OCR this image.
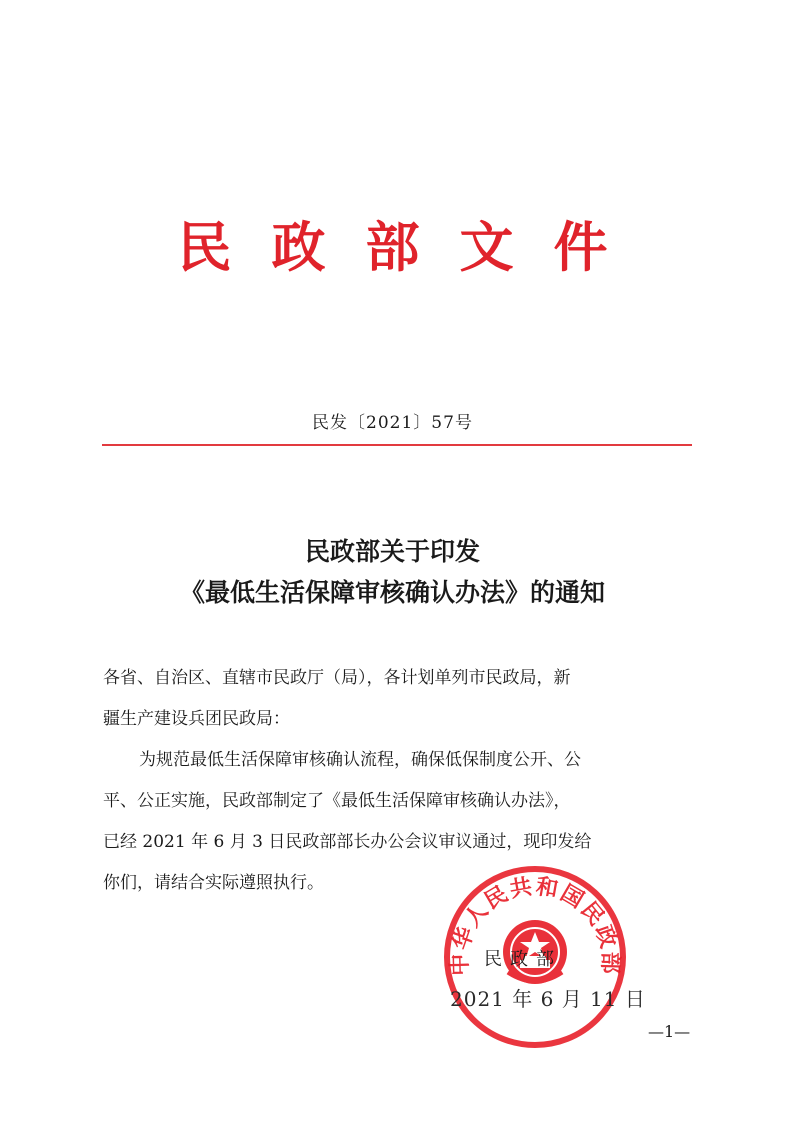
民政部文件
民发〔2021〕57号
民政部关于印发
《最低生活保障审核确认办法》的通知
各省、自治区、直辖市民政厅（局），各计划单列市民政局，新
疆生产建设兵团民政局：
为规范最低生活保障审核确认流程，确保低保制度公开、公
平、公正实施，民政部制定了《最低生活保障审核确认办法》，
已经 2021 年 6 月 3 日民政部部长办公会议审议通过，现印发给
你们，请结合实际遵照执行。
中华人民共和国民政部
民政部
2021 年 6 月 11 日
—1—
